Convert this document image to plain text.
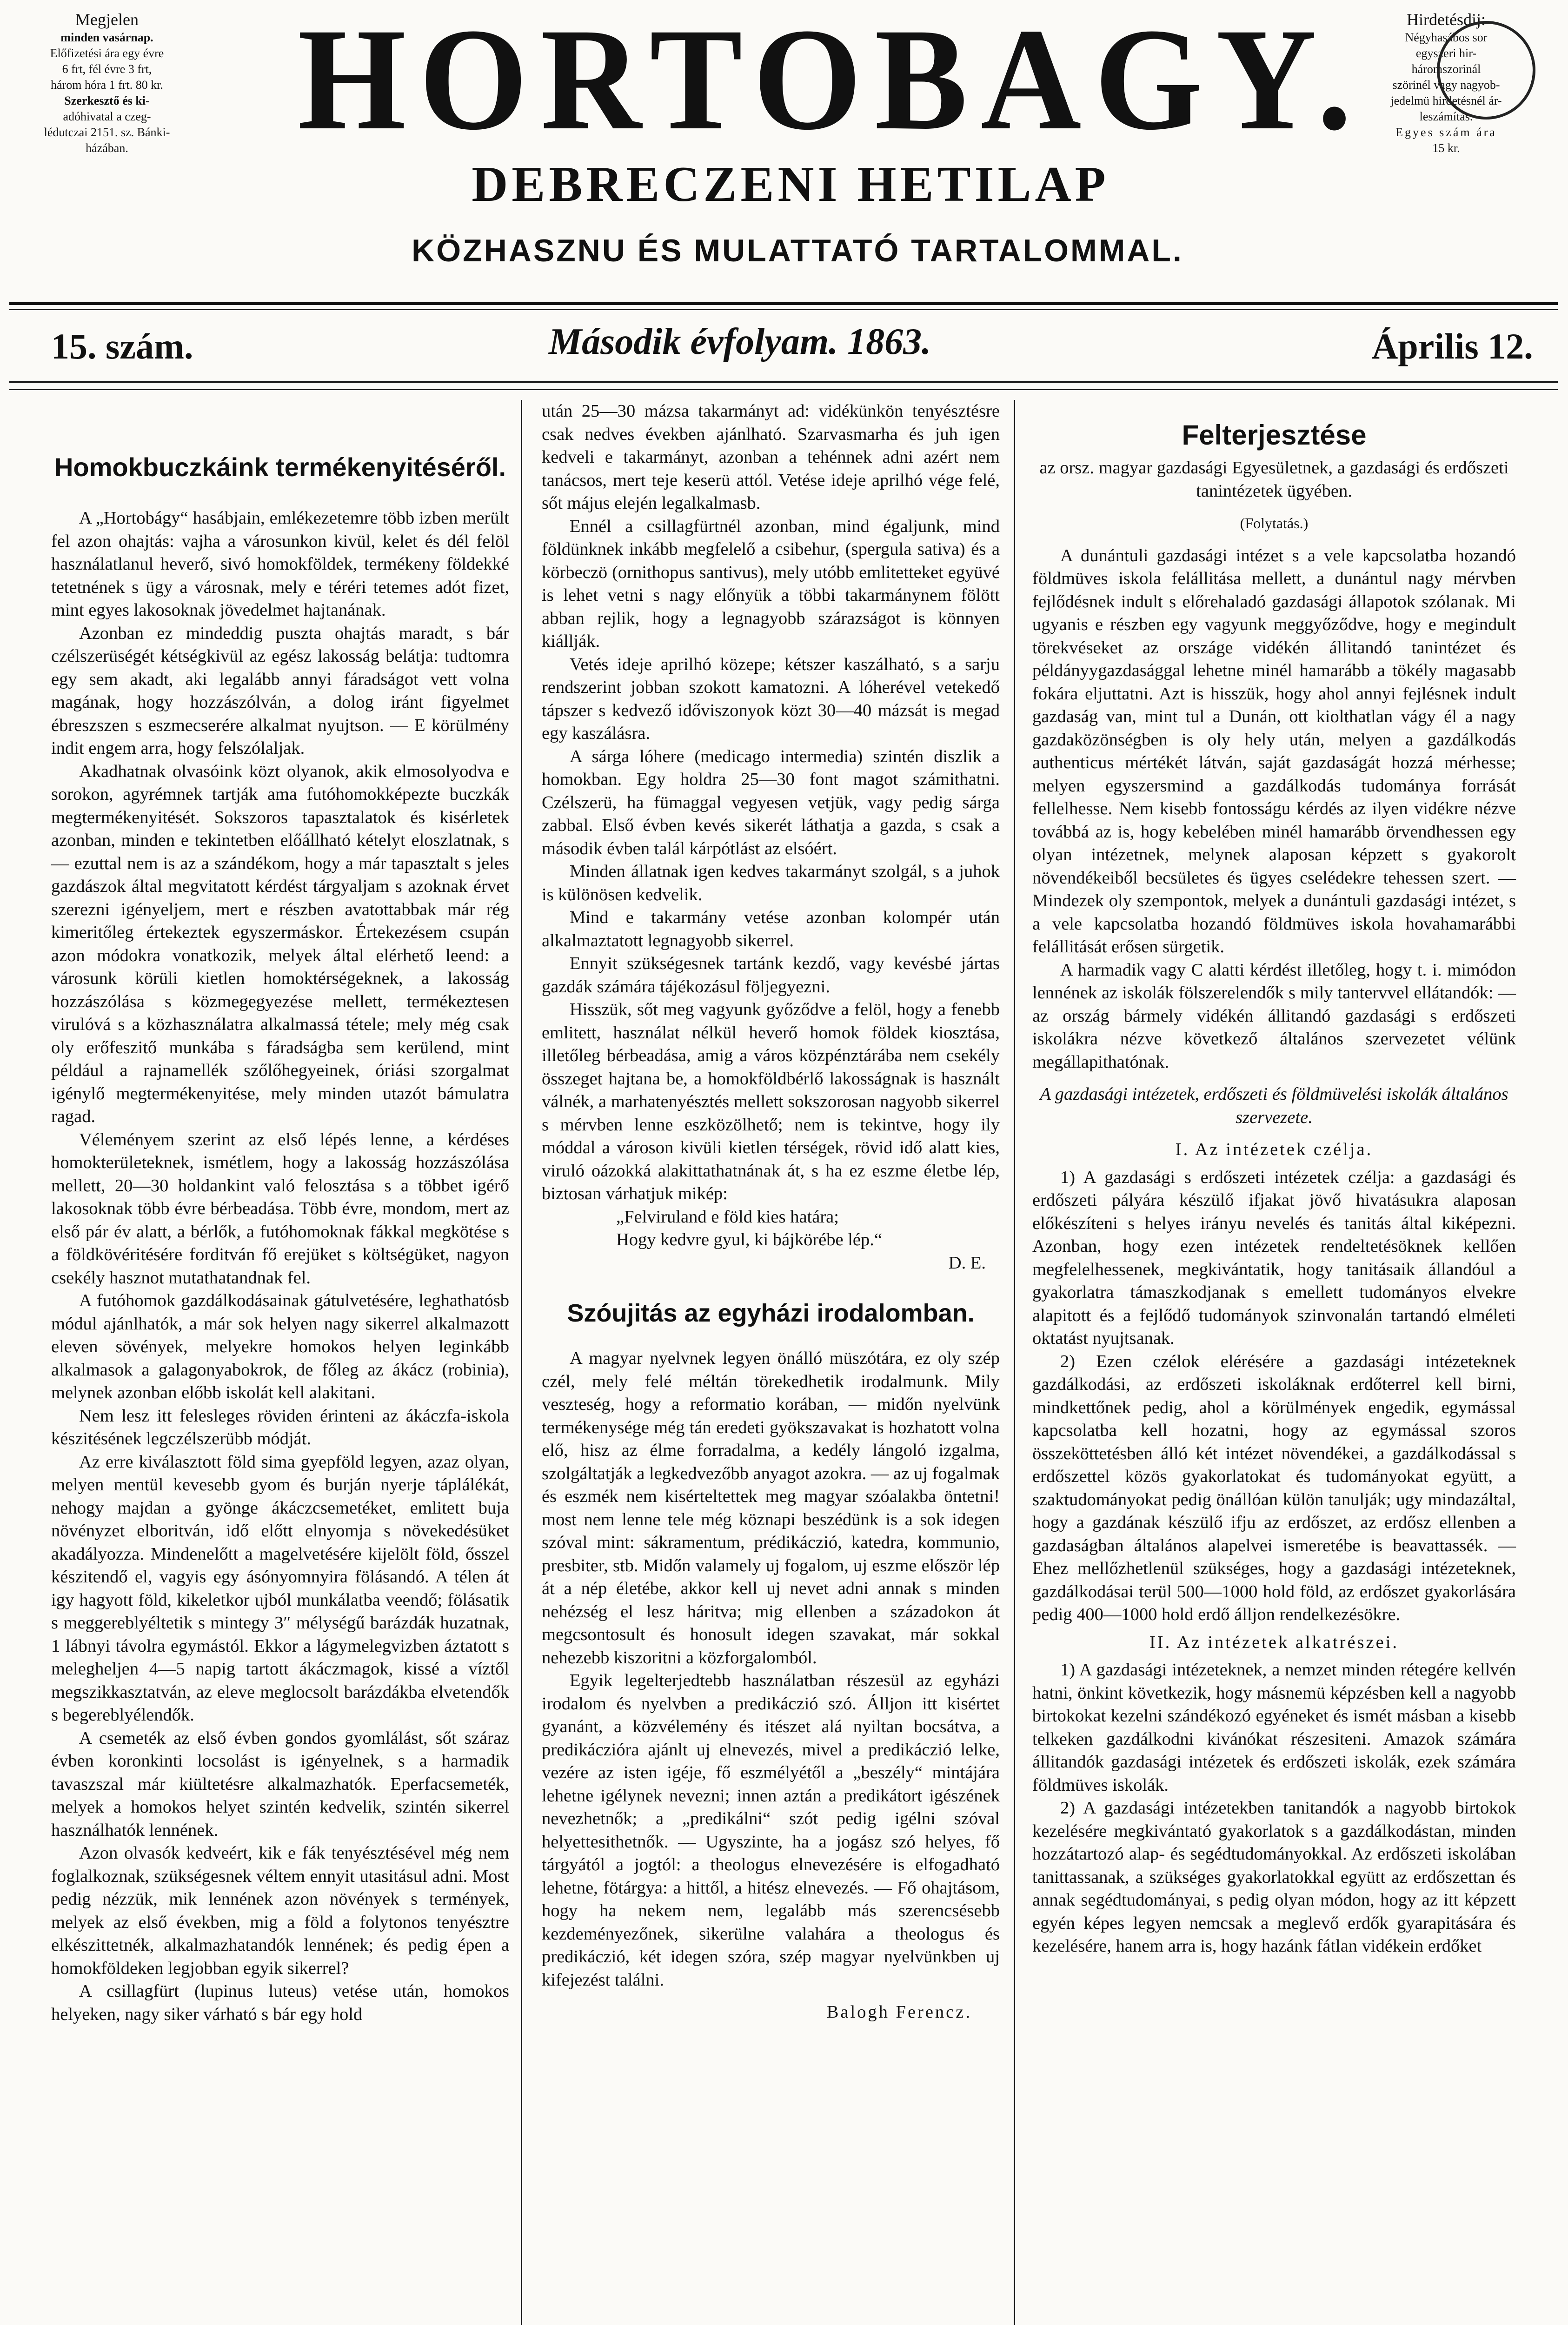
Megjelen
minden vasárnap.
Előfizetési ára egy évre
6 frt, fél évre 3 frt,
három hóra 1 frt. 80 kr.
Szerkesztő és ki-
adóhivatal a czeg-
lédutczai 2151. sz. Bánki-
házában.	HORTOBAGY.
DEBRECZENI HETILAP
KÖZHASZNU ÉS MULATTATÓ TARTALOMMAL.
Hirdetésdij:
Négyhasábos sor
egyszeri hir-
háromszorinál
szörinél vagy nagyob-
jedelmü hirdetésnél ár-
leszámítás.
Egyes szám ára
15 kr.
15. szám.	Második évfolyam. 1863.	Április 12.
Homokbuczkáink termékenyitéséről.

A „Hortobágy“ hasábjain, emlékezetemre több izben merült fel azon ohajtás: vajha a városunkon kivül, kelet és dél felöl használatlanul heverő, sivó homokföldek, termékeny földekké tetetnének s ügy a városnak, mely e téréri tetemes adót fizet, mint egyes lakosoknak jövedelmet hajtanának.

Azonban ez mindeddig puszta ohajtás maradt, s bár czélszerüségét kétségkivül az egész lakosság belátja: tudtomra egy sem akadt, aki legalább annyi fáradságot vett volna magának, hogy hozzászólván, a dolog iránt figyelmet ébreszszen s eszmecserére alkalmat nyujtson. — E körülmény indit engem arra, hogy felszólaljak.

Akadhatnak olvasóink közt olyanok, akik elmosolyodva e sorokon, agyrémnek tartják ama futóhomokképezte buczkák megtermékenyitését. Sokszoros tapasztalatok és kisérletek azonban, minden e tekintetben előállható kételyt eloszlatnak, s — ezuttal nem is az a szándékom, hogy a már tapasztalt s jeles gazdászok által megvitatott kérdést tárgyaljam s azoknak érvet szerezni igényeljem, mert e részben avatottabbak már rég kimeritőleg értekeztek egyszermáskor. Értekezésem csupán azon módokra vonatkozik, melyek által elérhető leend: a városunk körüli kietlen homoktérségeknek, a lakosság hozzászólása s közmegegyezése mellett, termékeztesen virulóvá s a közhasználatra alkalmassá tétele; mely még csak oly erőfeszitő munkába s fáradságba sem kerülend, mint például a rajnamellék szőlőhegyeinek, óriási szorgalmat igénylő megtermékenyitése, mely minden utazót bámulatra ragad.

Véleményem szerint az első lépés lenne, a kérdéses homokterületeknek, ismétlem, hogy a lakosság hozzászólása mellett, 20—30 holdankint való felosztása s a többet igérő lakosoknak több évre bérbeadása. Több évre, mondom, mert az első pár év alatt, a bérlők, a futóhomoknak fákkal megkötése s a földkövéritésére forditván fő erejüket s költségüket, nagyon csekély hasznot mutathatandnak fel.

A futóhomok gazdálkodásainak gátulvetésére, leghathatósb módul ajánlhatók, a már sok helyen nagy sikerrel alkalmazott eleven sövények, melyekre homokos helyen leginkább alkalmasok a galagonyabokrok, de főleg az ákácz (robinia), melynek azonban előbb iskolát kell alakitani.

Nem lesz itt felesleges röviden érinteni az ákáczfa-iskola készitésének legczélszerübb módját.

Az erre kiválasztott föld sima gyepföld legyen, azaz olyan, melyen mentül kevesebb gyom és burján nyerje táplálékát, nehogy majdan a gyönge ákáczcsemetéket, emlitett buja növényzet elboritván, idő előtt elnyomja s növekedésüket akadályozza. Mindenelőtt a magelvetésére kijelölt föld, ősszel készitendő el, vagyis egy ásónyomnyira fölásandó. A télen át igy hagyott föld, kikeletkor ujból munkálatba veendő; fölásatik s meggereblyéltetik s mintegy 3″ mélységű barázdák huzatnak, 1 lábnyi távolra egymástól. Ekkor a lágymelegvizben áztatott s melegheljen 4—5 napig tartott ákáczmagok, kissé a víztől megszikkasztatván, az eleve meglocsolt barázdákba elvetendők s begereblyélendők.

A csemeték az első évben gondos gyomlálást, sőt száraz évben koronkinti locsolást is igényelnek, s a harmadik tavaszszal már kiültetésre alkalmazhatók. Eperfacsemeték, melyek a homokos helyet szintén kedvelik, szintén sikerrel használhatók lennének.

Azon olvasók kedveért, kik e fák tenyésztésével még nem foglalkoznak, szükségesnek véltem ennyit utasitásul adni. Most pedig nézzük, mik lennének azon növények s termények, melyek az első években, mig a föld a folytonos tenyésztre elkészittetnék, alkalmazhatandók lennének; és pedig épen a homokföldeken legjobban egyik sikerrel?

A csillagfürt (lupinus luteus) vetése után, homokos helyeken, nagy siker várható s bár egy hold

után 25—30 mázsa takarmányt ad: vidékünkön tenyésztésre csak nedves években ajánlható. Szarvasmarha és juh igen kedveli e takarmányt, azonban a tehénnek adni azért nem tanácsos, mert teje keserü attól. Vetése ideje aprilhó vége felé, sőt május elején legalkalmasb.

Ennél a csillagfürtnél azonban, mind égaljunk, mind földünknek inkább megfelelő a csibehur, (spergula sativa) és a körbeczö (ornithopus santivus), mely utóbb emlitetteket együvé is lehet vetni s nagy előnyük a többi takarmánynem fölött abban rejlik, hogy a legnagyobb szárazságot is könnyen kiállják.

Vetés ideje aprilhó közepe; kétszer kaszálható, s a sarju rendszerint jobban szokott kamatozni. A lóherével vetekedő tápszer s kedvező időviszonyok közt 30—40 mázsát is megad egy kaszálásra.

A sárga lóhere (medicago intermedia) szintén diszlik a homokban. Egy holdra 25—30 font magot számithatni. Czélszerü, ha fümaggal vegyesen vetjük, vagy pedig sárga zabbal. Első évben kevés sikerét láthatja a gazda, s csak a második évben talál kárpótlást az elsóért.

Minden állatnak igen kedves takarmányt szolgál, s a juhok is különösen kedvelik.

Mind e takarmány vetése azonban kolompér után alkalmaztatott legnagyobb sikerrel.

Ennyit szükségesnek tartánk kezdő, vagy kevésbé jártas gazdák számára tájékozásul följegyezni.

Hisszük, sőt meg vagyunk győződve a felöl, hogy a fenebb emlitett, használat nélkül heverő homok földek kiosztása, illetőleg bérbeadása, amig a város közpénztárába nem csekély összeget hajtana be, a homokföldbérlő lakosságnak is használt válnék, a marhatenyésztés mellett sokszorosan nagyobb sikerrel s mérvben lenne eszközölhető; nem is tekintve, hogy ily móddal a városon kivüli kietlen térségek, rövid idő alatt kies, viruló oázokká alakittathatnának át, s ha ez eszme életbe lép, biztosan várhatjuk mikép:

„Felviruland e föld kies határa;

Hogy kedvre gyul, ki bájkörébe lép.“

D. E.

Szóujitás az egyházi irodalomban.

A magyar nyelvnek legyen önálló müszótára, ez oly szép czél, mely felé méltán törekedhetik irodalmunk. Mily veszteség, hogy a reformatio korában, — midőn nyelvünk termékenysége még tán eredeti gyökszavakat is hozhatott volna elő, hisz az élme forradalma, a kedély lángoló izgalma, szolgáltatják a legkedvezőbb anyagot azokra. — az uj fogalmak és eszmék nem kisérteltettek meg magyar szóalakba öntetni! most nem lenne tele még köznapi beszédünk is a sok idegen szóval mint: sákramentum, prédikáczió, katedra, kommunio, presbiter, stb. Midőn valamely uj fogalom, uj eszme először lép át a nép életébe, akkor kell uj nevet adni annak s minden nehézség el lesz háritva; mig ellenben a századokon át megcsontosult és honosult idegen szavakat, már sokkal nehezebb kiszoritni a közforgalomból.

Egyik legelterjedtebb használatban részesül az egyházi irodalom és nyelvben a predikáczió szó. Álljon itt kisértet gyanánt, a közvélemény és itészet alá nyiltan bocsátva, a predikáczióra ajánlt uj elnevezés, mivel a predikáczió lelke, vezére az isten igéje, fő eszmélyétől a „beszély“ mintájára lehetne igélynek nevezni; innen aztán a predikátort igészének nevezhetnők; a „predikálni“ szót pedig igélni szóval helyettesithetnők. — Ugyszinte, ha a jogász szó helyes, fő tárgyától a jogtól: a theologus elnevezésére is elfogadható lehetne, fötárgya: a hittől, a hitész elnevezés. — Fő ohajtásom, hogy ha nekem nem, legalább más szerencsésebb kezdeményezőnek, sikerülne valahára a theologus és predikáczió, két idegen szóra, szép magyar nyelvünkben uj kifejezést találni.

Balogh Ferencz.

Felterjesztése

az orsz. magyar gazdasági Egyesületnek, a gazdasági és erdőszeti tanintézetek ügyében.

(Folytatás.)

A dunántuli gazdasági intézet s a vele kapcsolatba hozandó földmüves iskola felállitása mellett, a dunántul nagy mérvben fejlődésnek indult s előrehaladó gazdasági állapotok szólanak. Mi ugyanis e részben egy vagyunk meggyőződve, hogy e megindult törekvéseket az országe vidékén állitandó tanintézet és példányygazdasággal lehetne minél hamarább a tökély magasabb fokára eljuttatni. Azt is hisszük, hogy ahol annyi fejlésnek indult gazdaság van, mint tul a Dunán, ott kiolthatlan vágy él a nagy gazdaközönségben is oly hely után, melyen a gazdálkodás authenticus mértékét látván, saját gazdaságát hozzá mérhesse; melyen egyszersmind a gazdálkodás tudománya forrását fellelhesse. Nem kisebb fontosságu kérdés az ilyen vidékre nézve továbbá az is, hogy kebelében minél hamarább örvendhessen egy olyan intézetnek, melynek alaposan képzett s gyakorolt növendékeiből becsületes és ügyes cselédekre tehessen szert. — Mindezek oly szempontok, melyek a dunántuli gazdasági intézet, s a vele kapcsolatba hozandó földmüves iskola hovahamarábbi felállitását erősen sürgetik.

A harmadik vagy C alatti kérdést illetőleg, hogy t. i. mimódon lennének az iskolák fölszerelendők s mily tantervvel ellátandók: — az ország bármely vidékén állitandó gazdasági s erdőszeti iskolákra nézve következő általános szervezetet vélünk megállapithatónak.

A gazdasági intézetek, erdőszeti és földmüvelési iskolák általános szervezete.

I. Az intézetek czélja.

1) A gazdasági s erdőszeti intézetek czélja: a gazdasági és erdőszeti pályára készülő ifjakat jövő hivatásukra alaposan előkészíteni s helyes irányu nevelés és tanitás által kiképezni. Azonban, hogy ezen intézetek rendeltetésöknek kellően megfelelhessenek, megkivántatik, hogy tanitásaik állandóul a gyakorlatra támaszkodjanak s emellett tudományos elvekre alapitott és a fejlődő tudományok szinvonalán tartandó elméleti oktatást nyujtsanak.

2) Ezen czélok elérésére a gazdasági intézeteknek gazdálkodási, az erdőszeti iskoláknak erdőterrel kell birni, mindkettőnek pedig, ahol a körülmények engedik, egymással kapcsolatba kell hozatni, hogy az egymással szoros összeköttetésben álló két intézet növendékei, a gazdálkodással s erdőszettel közös gyakorlatokat és tudományokat együtt, a szaktudományokat pedig önállóan külön tanulják; ugy mindazáltal, hogy a gazdának készülő ifju az erdőszet, az erdősz ellenben a gazdaságban általános alapelvei ismeretébe is beavattassék. — Ehez mellőzhetlenül szükséges, hogy a gazdasági intézeteknek, gazdálkodásai terül 500—1000 hold föld, az erdőszet gyakorlására pedig 400—1000 hold erdő álljon rendelkezésökre.

II. Az intézetek alkatrészei.

1) A gazdasági intézeteknek, a nemzet minden rétegére kellvén hatni, önkint következik, hogy másnemü képzésben kell a nagyobb birtokokat kezelni szándékozó egyéneket és ismét másban a kisebb telkeken gazdálkodni kivánókat részesiteni. Amazok számára állitandók gazdasági intézetek és erdőszeti iskolák, ezek számára földmüves iskolák.

2) A gazdasági intézetekben tanitandók a nagyobb birtokok kezelésére megkivántató gyakorlatok s a gazdálkodástan, minden hozzátartozó alap- és segédtudományokkal. Az erdőszeti iskolában tanittassanak, a szükséges gyakorlatokkal együtt az erdőszettan és annak segédtudományai, s pedig olyan módon, hogy az itt képzett egyén képes legyen nemcsak a meglevő erdők gyarapitására és kezelésére, hanem arra is, hogy hazánk fátlan vidékein erdőket
